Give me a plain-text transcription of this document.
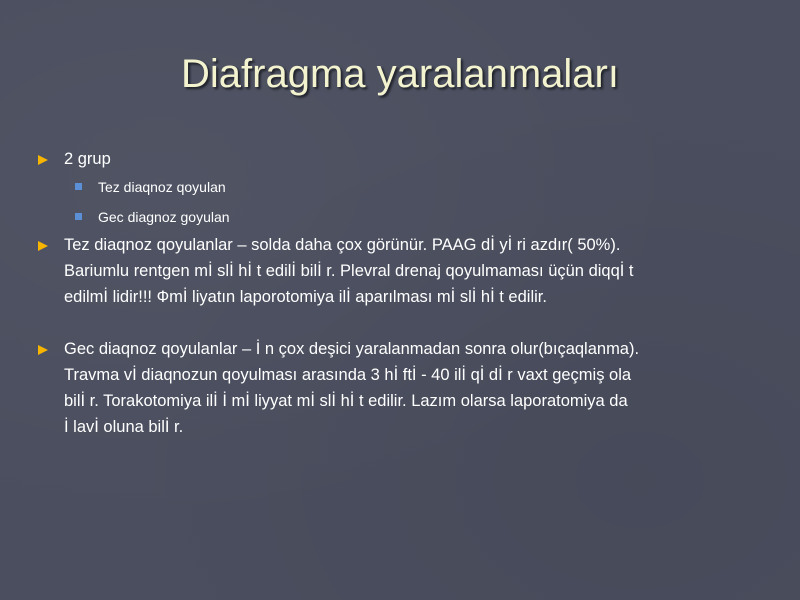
Diafragma yaralanmaları
2 grup
Tez diaqnoz qoyulan
Gec diagnoz goyulan
Tez diaqnoz qoyulanlar – solda daha çox görünür. PAAG dİ yİ ri azdır( 50%).
Bariumlu rentgen mİ slİ hİ t edilİ bilİ r. Plevral drenaj qoyulmaması üçün diqqİ t
edilmİ lidir!!! Фmİ liyatın laporotomiya ilİ aparılması mİ slİ hİ t edilir.
Gec diaqnoz qoyulanlar – İ n çox deşici yaralanmadan sonra olur(bıçaqlanma).
Travma vİ diaqnozun qoyulması arasında 3 hİ ftİ - 40 ilİ qİ dİ r vaxt geçmiş ola
bilİ r. Torakotomiya ilİ İ mİ liyyat mİ slİ hİ t edilir. Lazım olarsa laporatomiya da
İ lavİ oluna bilİ r.
